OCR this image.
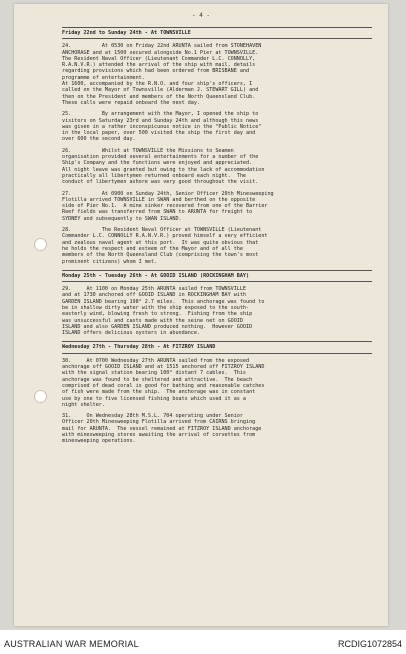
- 4 -
Friday 22nd to Sunday 24th - At TOWNSVILLE
24.          At 0530 on Friday 22nd ARUNTA sailed from STONEHAVEN
ANCHORAGE and at 1500 secured alongside No.1 Pier at TOWNSVILLE.
The Resident Naval Officer (Lieutenant Commander L.C. CONNOLLY,
R.A.N.V.R.) attended the arrival of the ship with mail, details
regarding provisions which had been ordered from BRISBANE and
programme of entertainment.
At 1600, accompanied by the R.N.O. and four ship's officers, I
called on the Mayor of Townsville (Alderman J. STEWART GILL) and
then on the President and members of the North Queensland Club.
These calls were repaid onboard the next day.
25.          By arrangement with the Mayor, I opened the ship to
visitors on Saturday 23rd and Sunday 24th and although this news
was given in a rather inconspicuous notice in the "Public Notice"
in the local paper, over 500 visited the ship the first day and
over 600 the second day.
26.          Whilst at TOWNSVILLE the Missions to Seamen
organisation provided several entertainments for a number of the
Ship's Company and the functions were enjoyed and appreciated.
All night leave was granted but owing to the lack of accommodation
practically all libertymen returned onboard each night.  The
conduct of libertymen ashore was very good throughout the visit.
27.          At 0900 on Sunday 24th, Senior Officer 20th Minesweeping
Flotilla arrived TOWNSVILLE in SWAN and berthed on the opposite
side of Pier No.1.  A mine sinker recovered from one of the Barrier
Reef fields was transferred from SWAN to ARUNTA for freight to
SYDNEY and subsequently to SWAN ISLAND.
28.          The Resident Naval Officer at TOWNSVILLE (Lieutenant
Commander L.C. CONNOLLY R.A.N.V.R.) proved himself a very efficient
and zealous naval agent at this port.  It was quite obvious that
he holds the respect and esteem of the Mayor and of all the
members of the North Queensland Club (comprising the town's most
prominent citizens) whom I met.
Monday 25th - Tuesday 26th - At GOOID ISLAND (ROCKINGHAM BAY)
29.     At 1100 on Monday 25th ARUNTA sailed from TOWNSVILLE
and at 1730 anchored off GOOID ISLAND in ROCKINGHAM BAY with
GARDEN ISLAND bearing 198° 2.7 miles.  This anchorage was found to
be in shallow dirty water with the ship exposed to the south-
easterly wind, blowing fresh to strong.  Fishing from the ship
was unsuccessful and casts made with the seine net on GOOID
ISLAND and also GARDEN ISLAND produced nothing.  However GOOID
ISLAND offers delicious oysters in abundance.
Wednesday 27th - Thursday 28th - At FITZROY ISLAND
30.     At 0700 Wednesday 27th ARUNTA sailed from the exposed
anchorage off GOOID ISLAND and at 1515 anchored off FITZROY ISLAND
with the signal station bearing 100° distant 7 cables.  This
anchorage was found to be sheltered and attractive.  The beach
comprised of dead coral is good for bathing and reasonable catches
of fish were made from the ship.  The anchorage was in constant
use by one to five licensed fishing boats which used it as a
night shelter.
31.     On Wednesday 28th M.S.L. 704 operating under Senior
Officer 20th Minesweeping Flotilla arrived from CAIRNS bringing
mail for ARUNTA.  The vessel remained at FITZROY ISLAND anchorage
with minesweeping stores awaiting the arrival of corvettes from
minesweeping operations.
AUSTRALIAN WAR MEMORIAL	RCDIG1072854
